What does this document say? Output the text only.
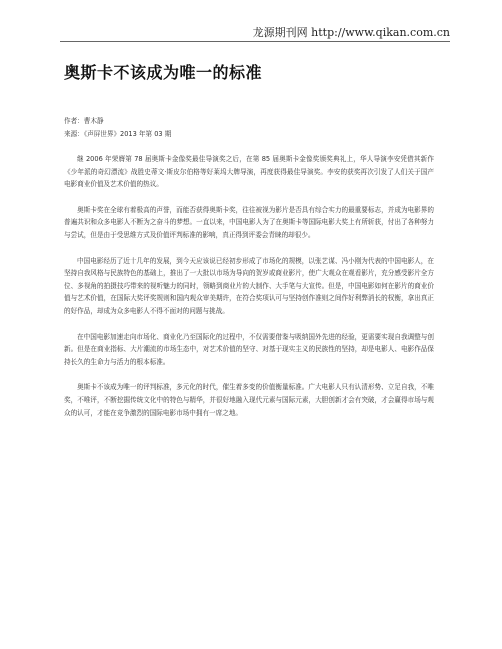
龙源期刊网 http://www.qikan.com.cn
奥斯卡不该成为唯一的标准
作者：曹木静
来源：《声屏世界》2013 年第 03 期

继 2006 年荣膺第 78 届奥斯卡金像奖最佳导演奖之后，在第 85 届奥斯卡金像奖颁奖典礼上，华人导演李安凭借其新作《少年派的奇幻漂流》战胜史蒂文·斯皮尔伯格等好莱坞大牌导演，再度获得最佳导演奖。李安的获奖再次引发了人们关于国产电影商业价值及艺术价值的热议。

奥斯卡奖在全球有着极高的声誉，而能否获得奥斯卡奖，往往被视为影片是否具有综合实力的最重要标志，并成为电影界的普遍共识和众多电影人不断为之奋斗的梦想。一直以来，中国电影人为了在奥斯卡等国际电影大奖上有所斩获，付出了各种努力与尝试，但是由于受思维方式及价值评判标准的影响，真正得到评委会青睐的却很少。

中国电影经历了近十几年的发展，到今天应该说已经初步形成了市场化的规模，以张艺谋、冯小刚为代表的中国电影人，在坚持自我风格与民族特色的基础上，推出了一大批以市场为导向的贺岁或商业影片，使广大观众在观看影片，充分感受影片全方位、多视角的拍摄技巧带来的视听魅力的同时，领略到商业片的大制作、大手笔与大宣传。但是，中国电影如何在影片的商业价值与艺术价值，在国际大奖评奖规则和国内观众审美期许，在符合奖项认可与坚持创作准则之间作好利弊消长的权衡，拿出真正的好作品，却成为众多电影人不得不面对的问题与挑战。

在中国电影加速走向市场化、商业化乃至国际化的过程中，不仅需要借鉴与吸纳国外先进的经验，更需要实现自我调整与创新。但是在商业指标、大片潮流的市场生态中，对艺术价值的坚守、对基于现实主义的民族性的坚持，却是电影人、电影作品保持长久的生命力与活力的根本标准。

奥斯卡不该成为唯一的评判标准，多元化的时代，催生着多变的价值衡量标准。广大电影人只有认清形势、立足自我，不唯奖，不唯评，不断挖掘传统文化中的特色与精华，并很好地融入现代元素与国际元素，大胆创新才会有突破，才会赢得市场与观众的认可，才能在竞争激烈的国际电影市场中拥有一席之地。
